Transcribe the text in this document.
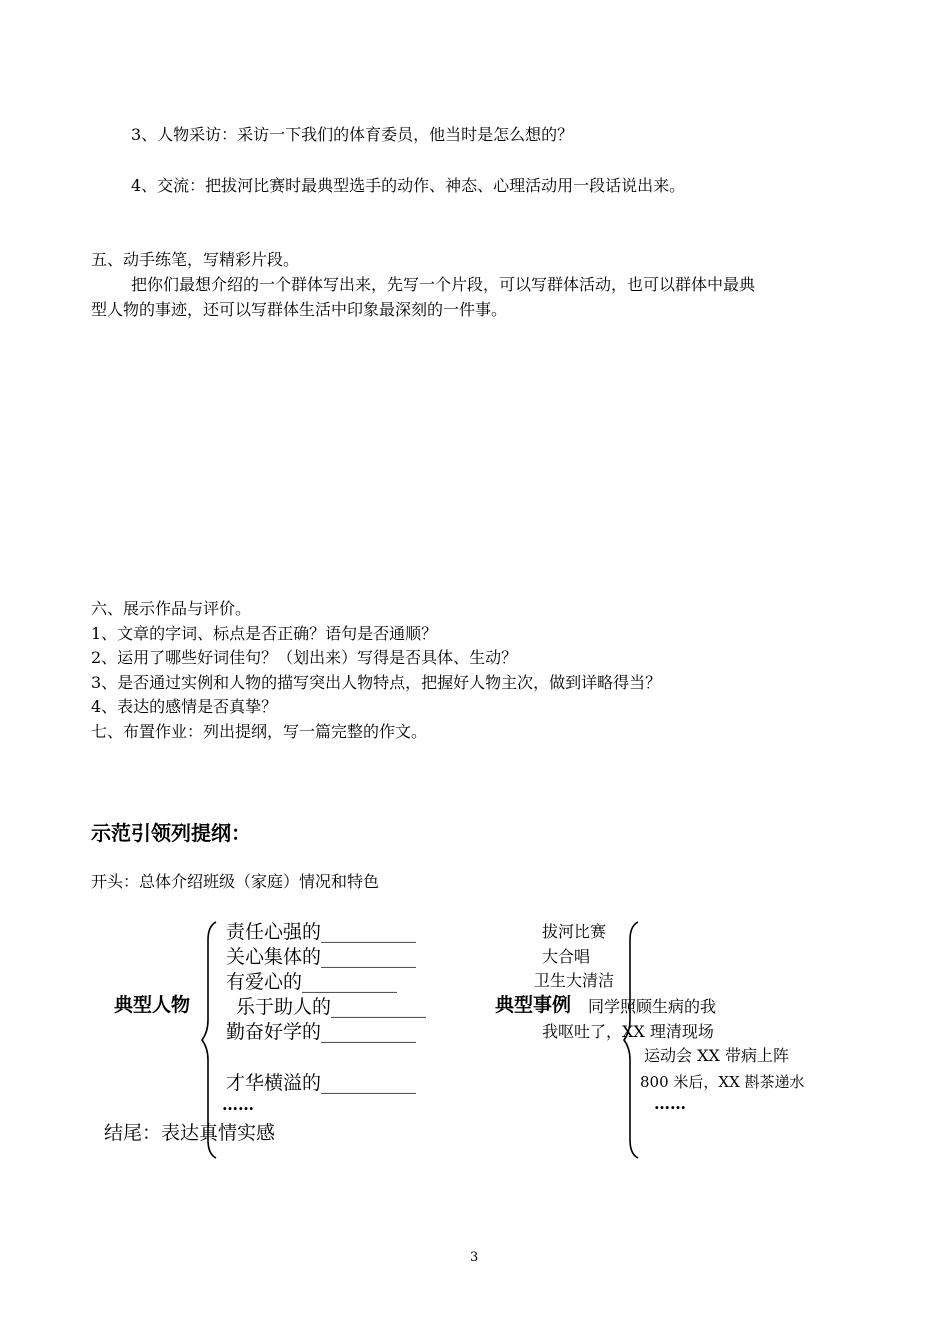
3、人物采访：采访一下我们的体育委员，他当时是怎么想的？
4、交流：把拔河比赛时最典型选手的动作、神态、心理活动用一段话说出来。
五、动手练笔，写精彩片段。
把你们最想介绍的一个群体写出来，先写一个片段，可以写群体活动，也可以群体中最典
型人物的事迹，还可以写群体生活中印象最深刻的一件事。
六、展示作品与评价。
1、文章的字词、标点是否正确？语句是否通顺？
2、运用了哪些好词佳句？（划出来）写得是否具体、生动？
3、是否通过实例和人物的描写突出人物特点，把握好人物主次，做到详略得当？
4、表达的感情是否真挚？
七、布置作业：列出提纲，写一篇完整的作文。
示范引领列提纲：
开头：总体介绍班级（家庭）情况和特色
典型人物
责任心强的__________
关心集体的__________
有爱心的__________
乐于助人的__________
勤奋好学的__________
才华横溢的__________
……
结尾：表达真情实感
典型事例
拔河比赛
大合唱
卫生大清洁
同学照顾生病的我
我呕吐了，XX 理清现场
运动会 XX 带病上阵
800 米后，XX 斟茶递水
……
3
